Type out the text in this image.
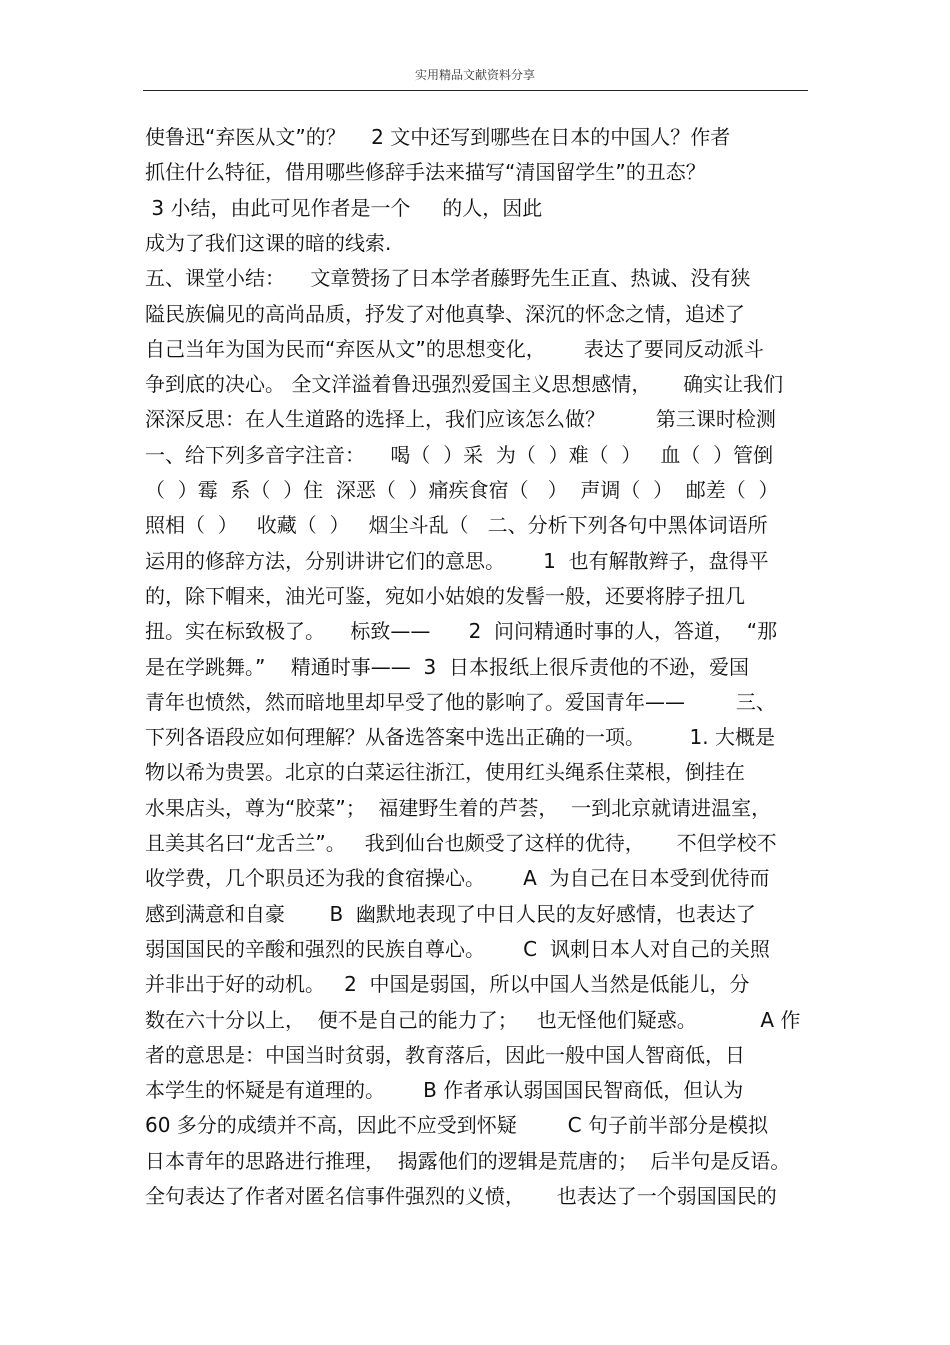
实用精品文献资料分享
使鲁迅“弃医从文”的？    2 文中还写到哪些在日本的中国人？作者
抓住什么特征，借用哪些修辞手法来描写“清国留学生”的丑态？
3 小结，由此可见作者是一个     的人，因此
成为了我们这课的暗的线索.
五、课堂小结：    文章赞扬了日本学者藤野先生正直、热诚、没有狭
隘民族偏见的高尚品质，抒发了对他真挚、深沉的怀念之情，追述了
自己当年为国为民而“弃医从文”的思想变化，      表达了要同反动派斗
争到底的决心。 全文洋溢着鲁迅强烈爱国主义思想感情，     确实让我们
深深反思：在人生道路的选择上，我们应该怎么做？        第三课时检测
一、给下列多音字注音：    喝（  ）采  为（  ）难（  ）   血（  ）管倒
（  ）霉  系（  ）住  深恶（  ）痛疾食宿（   ）  声调（  ）  邮差（  ）
照相（  ）   收藏（  ）   烟尘斗乱（   二、分析下列各句中黑体词语所
运用的修辞方法，分别讲讲它们的意思。      1  也有解散辫子，盘得平
的，除下帽来，油光可鉴，宛如小姑娘的发髻一般，还要将脖子扭几
扭。实在标致极了。    标致——      2  问问精通时事的人，答道，  “那
是在学跳舞。”    精通时事——  3  日本报纸上很斥责他的不逊，爱国
青年也愤然，然而暗地里却早受了他的影响了。爱国青年——        三、
下列各语段应如何理解？从备选答案中选出正确的一项。       1. 大概是
物以希为贵罢。北京的白菜运往浙江，使用红头绳系住菜根，倒挂在
水果店头，尊为“胶菜”；  福建野生着的芦荟，  一到北京就请进温室，
且美其名曰“龙舌兰”。   我到仙台也颇受了这样的优待，     不但学校不
收学费，几个职员还为我的食宿操心。      A  为自己在日本受到优待而
感到满意和自豪       B  幽默地表现了中日人民的友好感情，也表达了
弱国国民的辛酸和强烈的民族自尊心。      C  讽刺日本人对自己的关照
并非出于好的动机。   2  中国是弱国，所以中国人当然是低能儿，分
数在六十分以上，  便不是自己的能力了；   也无怪他们疑惑。          A 作
者的意思是：中国当时贫弱，教育落后，因此一般中国人智商低，日
本学生的怀疑是有道理的。      B 作者承认弱国国民智商低，但认为
60 多分的成绩并不高，因此不应受到怀疑        C 句子前半部分是模拟
日本青年的思路进行推理，  揭露他们的逻辑是荒唐的；  后半句是反语。
全句表达了作者对匿名信事件强烈的义愤，     也表达了一个弱国国民的
